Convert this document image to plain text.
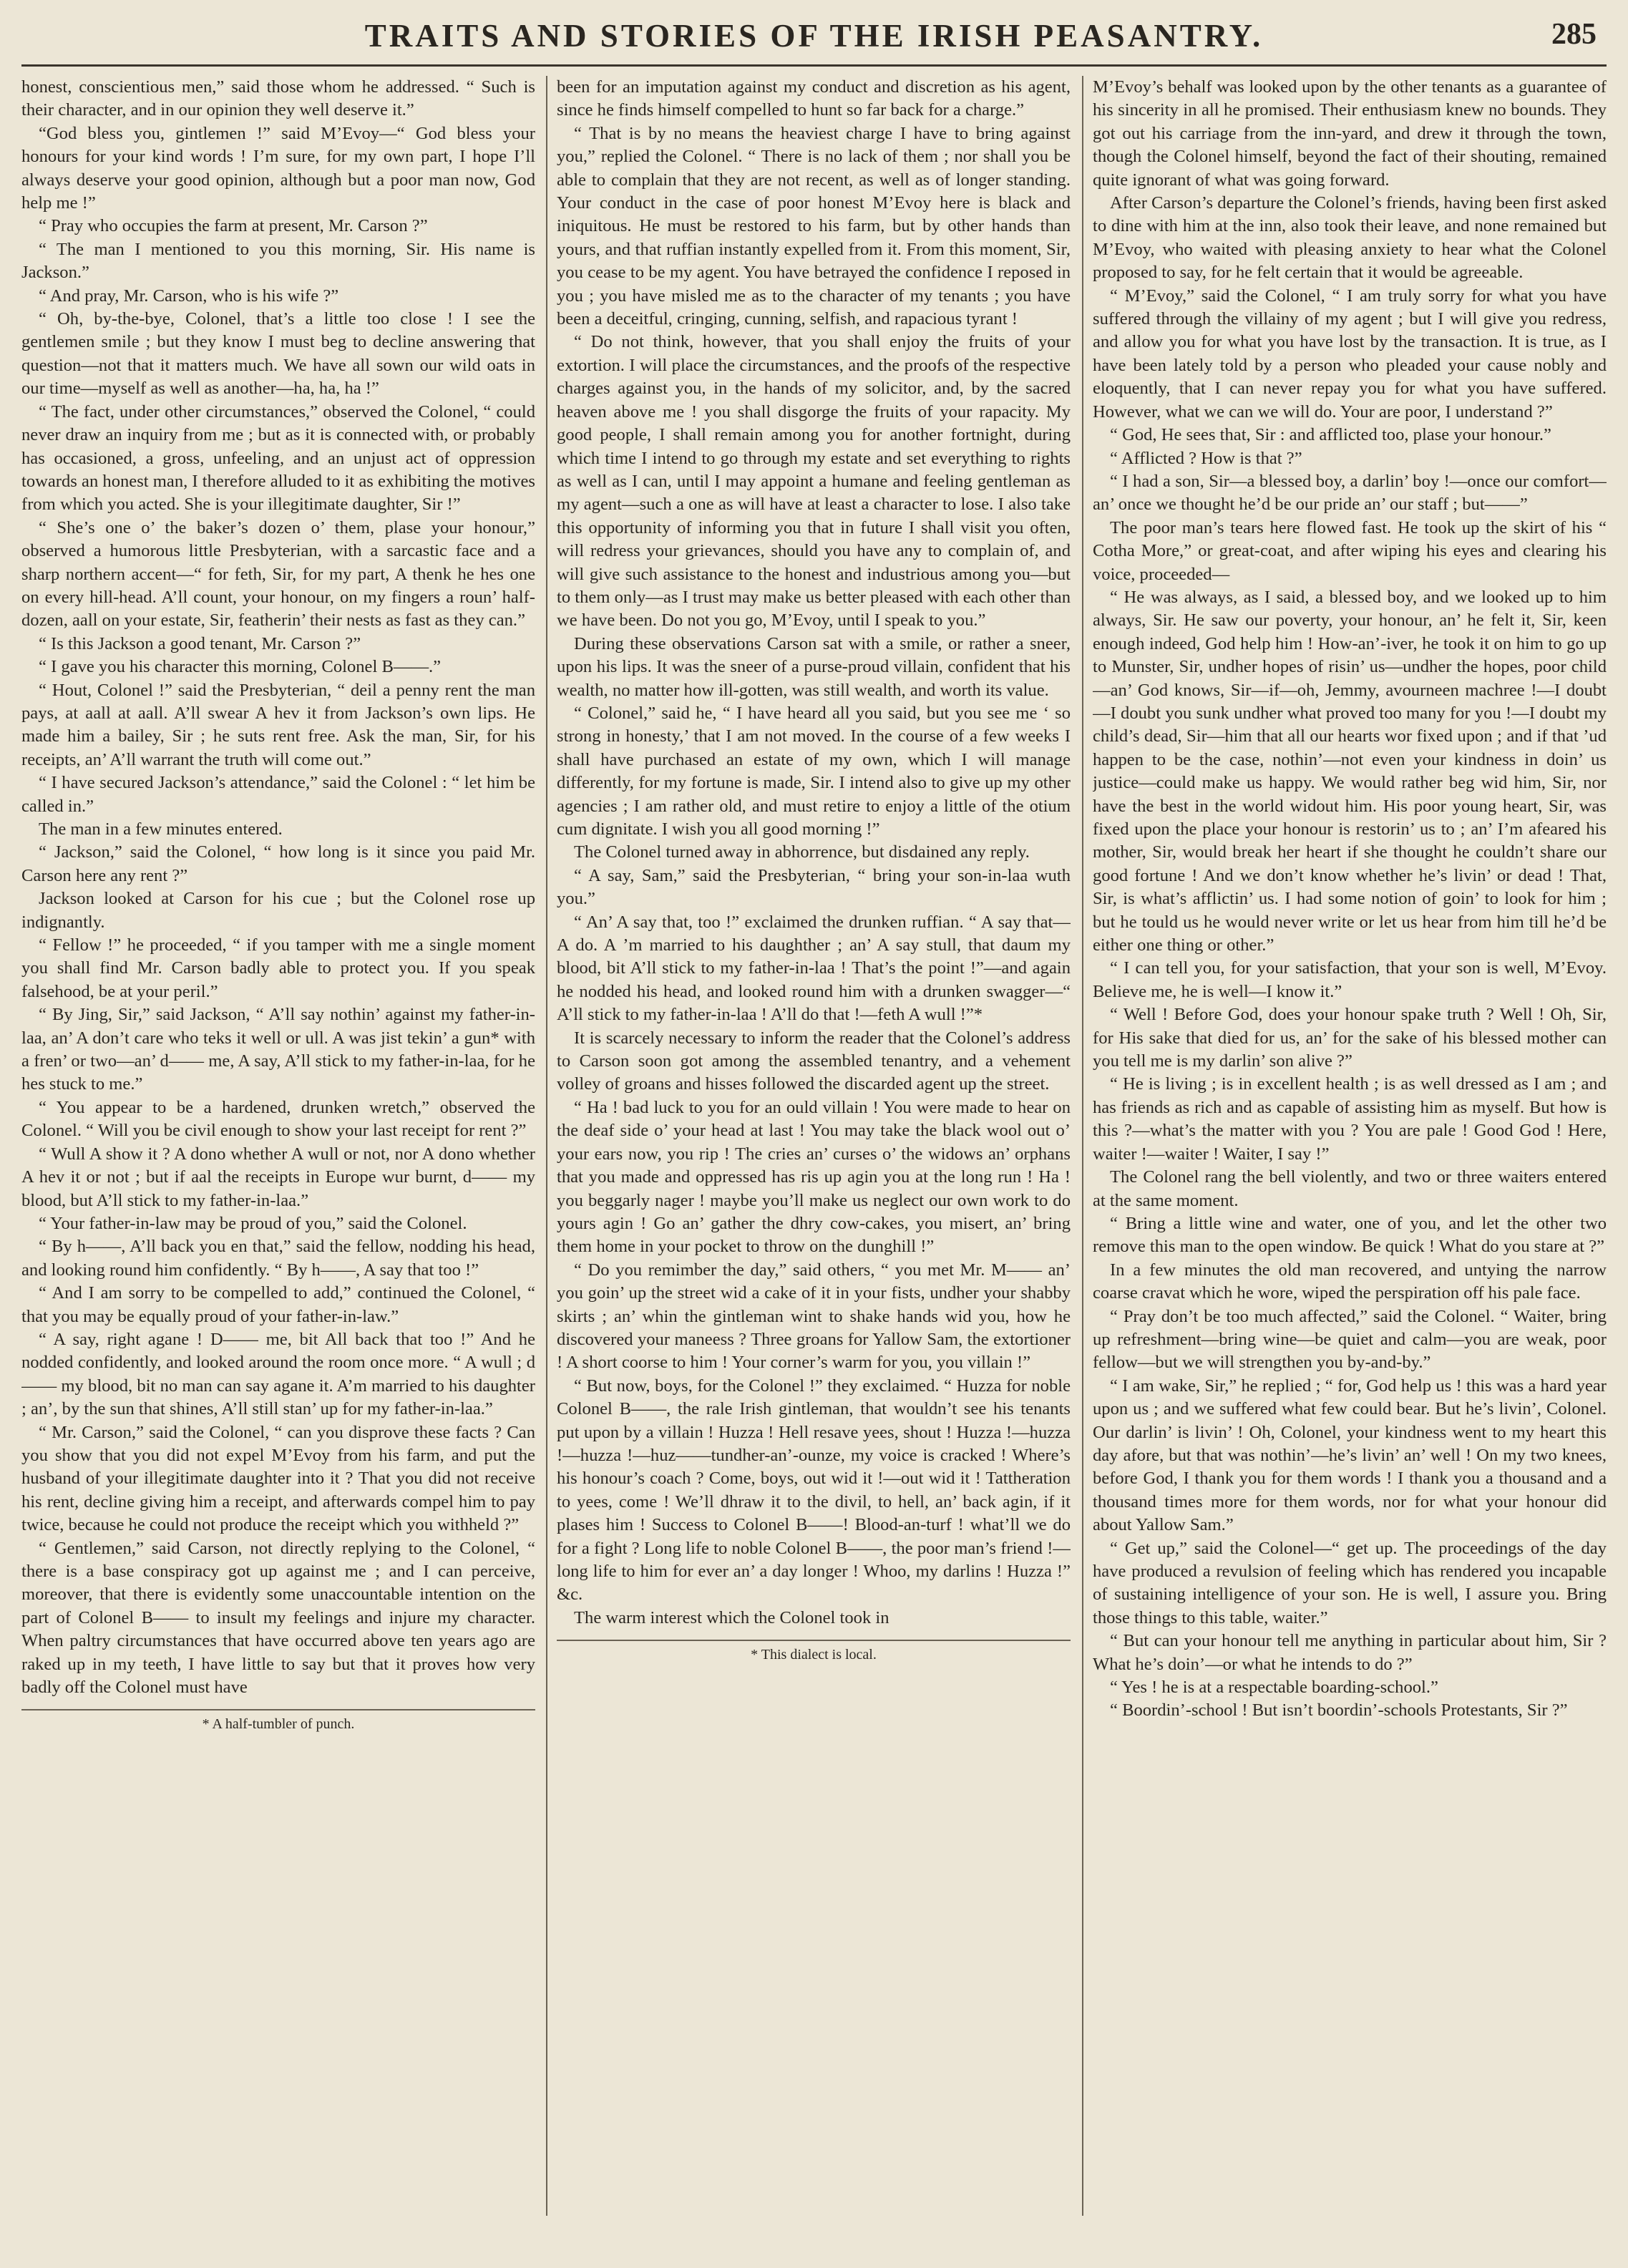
TRAITS AND STORIES OF THE IRISH PEASANTRY.	285

honest, conscientious men,” said those whom he addressed. “ Such is their character, and in our opinion they well deserve it.”

“God bless you, gintlemen !” said M’Evoy—“ God bless your honours for your kind words ! I’m sure, for my own part, I hope I’ll always deserve your good opinion, although but a poor man now, God help me !”

“ Pray who occupies the farm at present, Mr. Carson ?”

“ The man I mentioned to you this morning, Sir. His name is Jackson.”

“ And pray, Mr. Carson, who is his wife ?”

“ Oh, by-the-bye, Colonel, that’s a little too close ! I see the gentlemen smile ; but they know I must beg to decline answering that question—not that it matters much. We have all sown our wild oats in our time—myself as well as another—ha, ha, ha !”

“ The fact, under other circumstances,” observed the Colonel, “ could never draw an inquiry from me ; but as it is connected with, or probably has occasioned, a gross, unfeeling, and an unjust act of oppression towards an honest man, I therefore alluded to it as exhibiting the motives from which you acted. She is your illegitimate daughter, Sir !”

“ She’s one o’ the baker’s dozen o’ them, plase your honour,” observed a humorous little Presbyterian, with a sarcastic face and a sharp northern accent—“ for feth, Sir, for my part, A thenk he hes one on every hill-head. A’ll count, your honour, on my fingers a roun’ half-dozen, aall on your estate, Sir, featherin’ their nests as fast as they can.”

“ Is this Jackson a good tenant, Mr. Carson ?”

“ I gave you his character this morning, Colonel B——.”

“ Hout, Colonel !” said the Presbyterian, “ deil a penny rent the man pays, at aall at aall. A’ll swear A hev it from Jackson’s own lips. He made him a bailey, Sir ; he suts rent free. Ask the man, Sir, for his receipts, an’ A’ll warrant the truth will come out.”

“ I have secured Jackson’s attendance,” said the Colonel : “ let him be called in.”

The man in a few minutes entered.

“ Jackson,” said the Colonel, “ how long is it since you paid Mr. Carson here any rent ?”

Jackson looked at Carson for his cue ; but the Colonel rose up indignantly.

“ Fellow !” he proceeded, “ if you tamper with me a single moment you shall find Mr. Carson badly able to protect you. If you speak falsehood, be at your peril.”

“ By Jing, Sir,” said Jackson, “ A’ll say nothin’ against my father-in-laa, an’ A don’t care who teks it well or ull. A was jist tekin’ a gun* with a fren’ or two—an’ d—— me, A say, A’ll stick to my father-in-laa, for he hes stuck to me.”

“ You appear to be a hardened, drunken wretch,” observed the Colonel. “ Will you be civil enough to show your last receipt for rent ?”

“ Wull A show it ? A dono whether A wull or not, nor A dono whether A hev it or not ; but if aal the receipts in Europe wur burnt, d—— my blood, but A’ll stick to my father-in-laa.”

“ Your father-in-law may be proud of you,” said the Colonel.

“ By h——, A’ll back you en that,” said the fellow, nodding his head, and looking round him confidently. “ By h——, A say that too !”

“ And I am sorry to be compelled to add,” continued the Colonel, “ that you may be equally proud of your father-in-law.”

“ A say, right agane ! D—— me, bit All back that too !” And he nodded confidently, and looked around the room once more. “ A wull ; d—— my blood, bit no man can say agane it. A’m married to his daughter ; an’, by the sun that shines, A’ll still stan’ up for my father-in-laa.”

“ Mr. Carson,” said the Colonel, “ can you disprove these facts ? Can you show that you did not expel M’Evoy from his farm, and put the husband of your illegitimate daughter into it ? That you did not receive his rent, decline giving him a receipt, and afterwards compel him to pay twice, because he could not produce the receipt which you withheld ?”

“ Gentlemen,” said Carson, not directly replying to the Colonel, “ there is a base conspiracy got up against me ; and I can perceive, moreover, that there is evidently some unaccountable intention on the part of Colonel B—— to insult my feelings and injure my character. When paltry circumstances that have occurred above ten years ago are raked up in my teeth, I have little to say but that it proves how very badly off the Colonel must have

* A half-tumbler of punch.

been for an imputation against my conduct and discretion as his agent, since he finds himself compelled to hunt so far back for a charge.”

“ That is by no means the heaviest charge I have to bring against you,” replied the Colonel. “ There is no lack of them ; nor shall you be able to complain that they are not recent, as well as of longer standing. Your conduct in the case of poor honest M’Evoy here is black and iniquitous. He must be restored to his farm, but by other hands than yours, and that ruffian instantly expelled from it. From this moment, Sir, you cease to be my agent. You have betrayed the confidence I reposed in you ; you have misled me as to the character of my tenants ; you have been a deceitful, cringing, cunning, selfish, and rapacious tyrant !

“ Do not think, however, that you shall enjoy the fruits of your extortion. I will place the circumstances, and the proofs of the respective charges against you, in the hands of my solicitor, and, by the sacred heaven above me ! you shall disgorge the fruits of your rapacity. My good people, I shall remain among you for another fortnight, during which time I intend to go through my estate and set everything to rights as well as I can, until I may appoint a humane and feeling gentleman as my agent—such a one as will have at least a character to lose. I also take this opportunity of informing you that in future I shall visit you often, will redress your grievances, should you have any to complain of, and will give such assistance to the honest and industrious among you—but to them only—as I trust may make us better pleased with each other than we have been. Do not you go, M’Evoy, until I speak to you.”

During these observations Carson sat with a smile, or rather a sneer, upon his lips. It was the sneer of a purse-proud villain, confident that his wealth, no matter how ill-gotten, was still wealth, and worth its value.

“ Colonel,” said he, “ I have heard all you said, but you see me ‘ so strong in honesty,’ that I am not moved. In the course of a few weeks I shall have purchased an estate of my own, which I will manage differently, for my fortune is made, Sir. I intend also to give up my other agencies ; I am rather old, and must retire to enjoy a little of the otium cum dignitate. I wish you all good morning !”

The Colonel turned away in abhorrence, but disdained any reply.

“ A say, Sam,” said the Presbyterian, “ bring your son-in-laa wuth you.”

“ An’ A say that, too !” exclaimed the drunken ruffian. “ A say that—A do. A ’m married to his daughther ; an’ A say stull, that daum my blood, bit A’ll stick to my father-in-laa ! That’s the point !”—and again he nodded his head, and looked round him with a drunken swagger—“ A’ll stick to my father-in-laa ! A’ll do that !—feth A wull !”*

It is scarcely necessary to inform the reader that the Colonel’s address to Carson soon got among the assembled tenantry, and a vehement volley of groans and hisses followed the discarded agent up the street.

“ Ha ! bad luck to you for an ould villain ! You were made to hear on the deaf side o’ your head at last ! You may take the black wool out o’ your ears now, you rip ! The cries an’ curses o’ the widows an’ orphans that you made and oppressed has ris up agin you at the long run ! Ha ! you beggarly nager ! maybe you’ll make us neglect our own work to do yours agin ! Go an’ gather the dhry cow-cakes, you misert, an’ bring them home in your pocket to throw on the dunghill !”

“ Do you remimber the day,” said others, “ you met Mr. M—— an’ you goin’ up the street wid a cake of it in your fists, undher your shabby skirts ; an’ whin the gintleman wint to shake hands wid you, how he discovered your maneess ? Three groans for Yallow Sam, the extortioner ! A short coorse to him ! Your corner’s warm for you, you villain !”

“ But now, boys, for the Colonel !” they exclaimed. “ Huzza for noble Colonel B——, the rale Irish gintleman, that wouldn’t see his tenants put upon by a villain ! Huzza ! Hell resave yees, shout ! Huzza !—huzza !—huzza !—huz——tundher-an’-ounze, my voice is cracked ! Where’s his honour’s coach ? Come, boys, out wid it !—out wid it ! Tattheration to yees, come ! We’ll dhraw it to the divil, to hell, an’ back agin, if it plases him ! Success to Colonel B——! Blood-an-turf ! what’ll we do for a fight ? Long life to noble Colonel B——, the poor man’s friend !—long life to him for ever an’ a day longer ! Whoo, my darlins ! Huzza !” &c.

The warm interest which the Colonel took in

* This dialect is local.

M’Evoy’s behalf was looked upon by the other tenants as a guarantee of his sincerity in all he promised. Their enthusiasm knew no bounds. They got out his carriage from the inn-yard, and drew it through the town, though the Colonel himself, beyond the fact of their shouting, remained quite ignorant of what was going forward.

After Carson’s departure the Colonel’s friends, having been first asked to dine with him at the inn, also took their leave, and none remained but M’Evoy, who waited with pleasing anxiety to hear what the Colonel proposed to say, for he felt certain that it would be agreeable.

“ M’Evoy,” said the Colonel, “ I am truly sorry for what you have suffered through the villainy of my agent ; but I will give you redress, and allow you for what you have lost by the transaction. It is true, as I have been lately told by a person who pleaded your cause nobly and eloquently, that I can never repay you for what you have suffered. However, what we can we will do. Your are poor, I understand ?”

“ God, He sees that, Sir : and afflicted too, plase your honour.”

“ Afflicted ? How is that ?”

“ I had a son, Sir—a blessed boy, a darlin’ boy !—once our comfort—an’ once we thought he’d be our pride an’ our staff ; but——”

The poor man’s tears here flowed fast. He took up the skirt of his “ Cotha More,” or great-coat, and after wiping his eyes and clearing his voice, proceeded—

“ He was always, as I said, a blessed boy, and we looked up to him always, Sir. He saw our poverty, your honour, an’ he felt it, Sir, keen enough indeed, God help him ! How-an’-iver, he took it on him to go up to Munster, Sir, undher hopes of risin’ us—undher the hopes, poor child—an’ God knows, Sir—if—oh, Jemmy, avourneen machree !—I doubt—I doubt you sunk undher what proved too many for you !—I doubt my child’s dead, Sir—him that all our hearts wor fixed upon ; and if that ’ud happen to be the case, nothin’—not even your kindness in doin’ us justice—could make us happy. We would rather beg wid him, Sir, nor have the best in the world widout him. His poor young heart, Sir, was fixed upon the place your honour is restorin’ us to ; an’ I’m afeared his mother, Sir, would break her heart if she thought he couldn’t share our good fortune ! And we don’t know whether he’s livin’ or dead ! That, Sir, is what’s afflictin’ us. I had some notion of goin’ to look for him ; but he tould us he would never write or let us hear from him till he’d be either one thing or other.”

“ I can tell you, for your satisfaction, that your son is well, M’Evoy. Believe me, he is well—I know it.”

“ Well ! Before God, does your honour spake truth ? Well ! Oh, Sir, for His sake that died for us, an’ for the sake of his blessed mother can you tell me is my darlin’ son alive ?”

“ He is living ; is in excellent health ; is as well dressed as I am ; and has friends as rich and as capable of assisting him as myself. But how is this ?—what’s the matter with you ? You are pale ! Good God ! Here, waiter !—waiter ! Waiter, I say !”

The Colonel rang the bell violently, and two or three waiters entered at the same moment.

“ Bring a little wine and water, one of you, and let the other two remove this man to the open window. Be quick ! What do you stare at ?”

In a few minutes the old man recovered, and untying the narrow coarse cravat which he wore, wiped the perspiration off his pale face.

“ Pray don’t be too much affected,” said the Colonel. “ Waiter, bring up refreshment—bring wine—be quiet and calm—you are weak, poor fellow—but we will strengthen you by-and-by.”

“ I am wake, Sir,” he replied ; “ for, God help us ! this was a hard year upon us ; and we suffered what few could bear. But he’s livin’, Colonel. Our darlin’ is livin’ ! Oh, Colonel, your kindness went to my heart this day afore, but that was nothin’—he’s livin’ an’ well ! On my two knees, before God, I thank you for them words ! I thank you a thousand and a thousand times more for them words, nor for what your honour did about Yallow Sam.”

“ Get up,” said the Colonel—“ get up. The proceedings of the day have produced a revulsion of feeling which has rendered you incapable of sustaining intelligence of your son. He is well, I assure you. Bring those things to this table, waiter.”

“ But can your honour tell me anything in particular about him, Sir ? What he’s doin’—or what he intends to do ?”

“ Yes ! he is at a respectable boarding-school.”

“ Boordin’-school ! But isn’t boordin’-schools Protestants, Sir ?”
